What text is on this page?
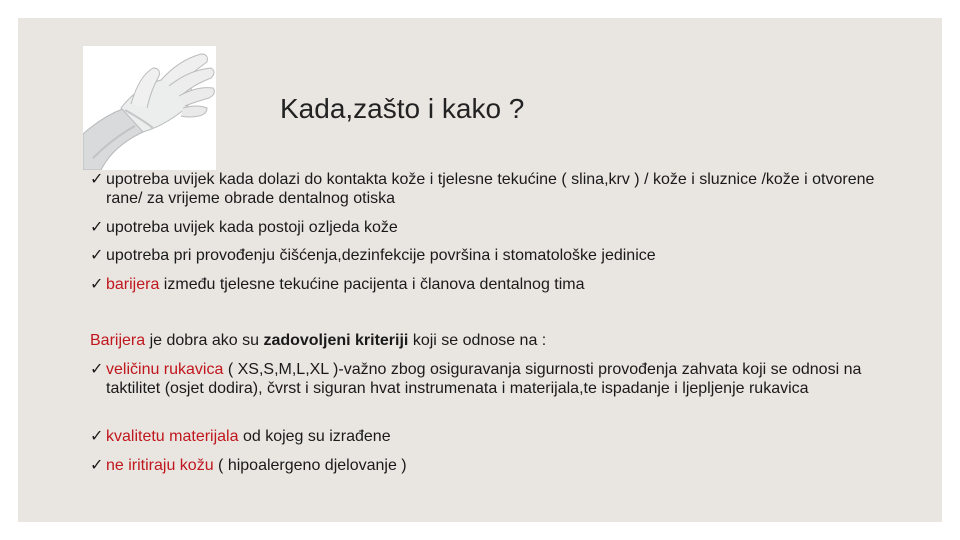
Kada,zašto i kako ?
✓ upotreba uvijek kada dolazi do kontakta kože i tjelesne tekućine ( slina,krv ) / kože i sluznice /kože i otvorene rane/ za vrijeme obrade dentalnog otiska
✓ upotreba uvijek kada postoji ozljeda kože
✓ upotreba pri provođenju čišćenja,dezinfekcije površina i stomatološke jedinice
✓ barijera između tjelesne tekućine pacijenta i članova dentalnog tima
Barijera je dobra ako su zadovoljeni kriteriji koji se odnose na :
✓ veličinu rukavica ( XS,S,M,L,XL )-važno zbog osiguravanja sigurnosti provođenja zahvata koji se odnosi na taktilitet (osjet dodira), čvrst i siguran hvat instrumenata i materijala,te ispadanje i ljepljenje rukavica
✓ kvalitetu materijala od kojeg su izrađene
✓ ne iritiraju kožu ( hipoalergeno djelovanje )
